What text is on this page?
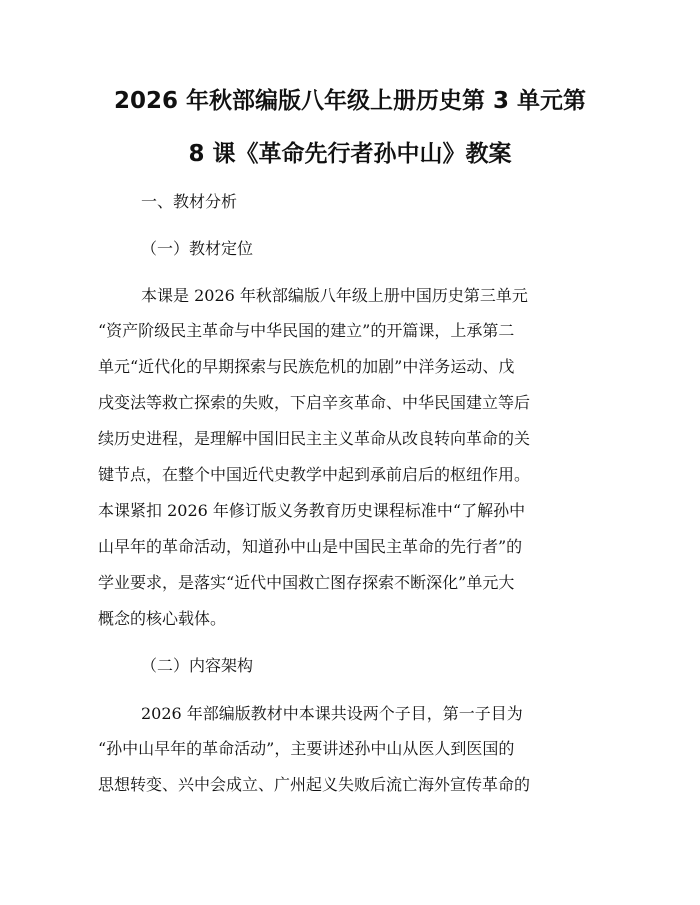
2026 年秋部编版八年级上册历史第 3 单元第
8 课《革命先行者孙中山》教案
一、教材分析
（一）教材定位
本课是 2026 年秋部编版八年级上册中国历史第三单元
“资产阶级民主革命与中华民国的建立”的开篇课，上承第二
单元“近代化的早期探索与民族危机的加剧”中洋务运动、戊
戌变法等救亡探索的失败，下启辛亥革命、中华民国建立等后
续历史进程，是理解中国旧民主主义革命从改良转向革命的关
键节点，在整个中国近代史教学中起到承前启后的枢纽作用。
本课紧扣 2026 年修订版义务教育历史课程标准中“了解孙中
山早年的革命活动，知道孙中山是中国民主革命的先行者”的
学业要求，是落实“近代中国救亡图存探索不断深化”单元大
概念的核心载体。
（二）内容架构
2026 年部编版教材中本课共设两个子目，第一子目为
“孙中山早年的革命活动”，主要讲述孙中山从医人到医国的
思想转变、兴中会成立、广州起义失败后流亡海外宣传革命的
